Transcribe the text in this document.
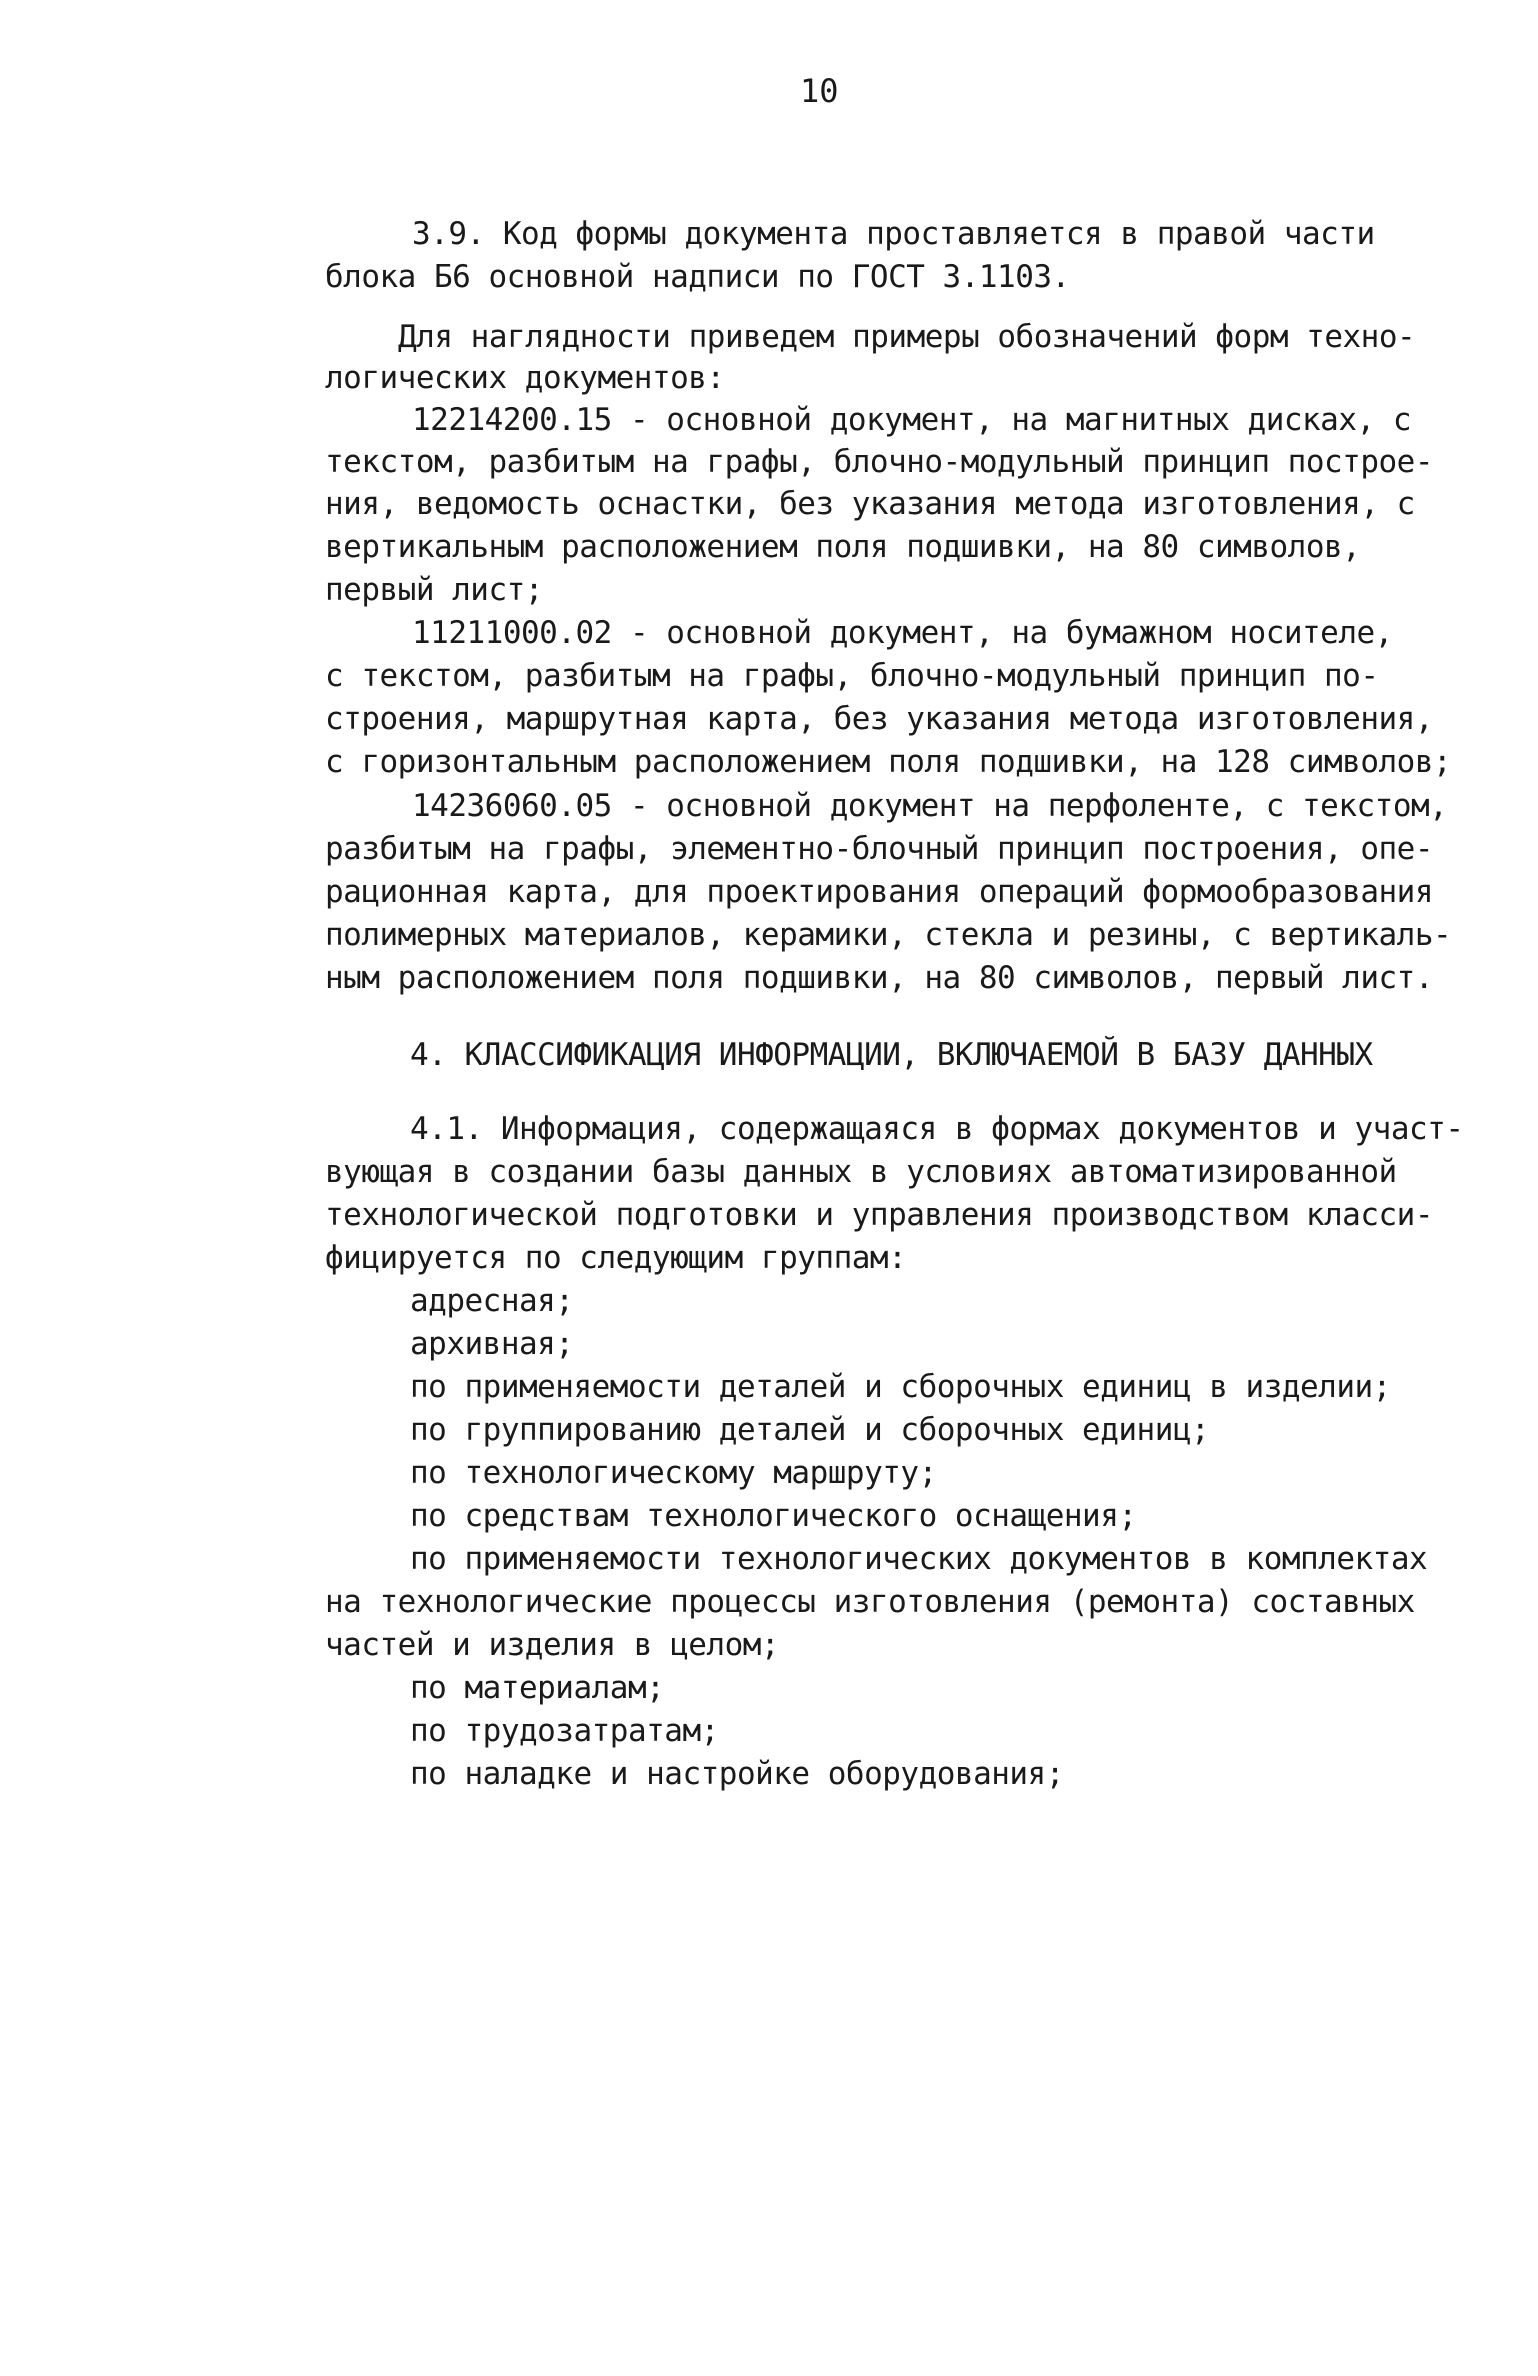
10
3.9. Код формы документа проставляется в правой части
блока Б6 основной надписи по ГОСТ 3.1103.
Для наглядности приведем примеры обозначений форм техно-
логических документов:
12214200.15 - основной документ, на магнитных дисках, с
текстом, разбитым на графы, блочно-модульный принцип построе-
ния, ведомость оснастки, без указания метода изготовления, с
вертикальным расположением поля подшивки, на 80 символов,
первый лист;
11211000.02 - основной документ, на бумажном носителе,
с текстом, разбитым на графы, блочно-модульный принцип по-
строения, маршрутная карта, без указания метода изготовления,
с горизонтальным расположением поля подшивки, на 128 символов;
14236060.05 - основной документ на перфоленте, с текстом,
разбитым на графы, элементно-блочный принцип построения, опе-
рационная карта, для проектирования операций формообразования
полимерных материалов, керамики, стекла и резины, с вертикаль-
ным расположением поля подшивки, на 80 символов, первый лист.
4. КЛАССИФИКАЦИЯ ИНФОРМАЦИИ, ВКЛЮЧАЕМОЙ В БАЗУ ДАННЫХ
4.1. Информация, содержащаяся в формах документов и участ-
вующая в создании базы данных в условиях автоматизированной
технологической подготовки и управления производством класси-
фицируется по следующим группам:
адресная;
архивная;
по применяемости деталей и сборочных единиц в изделии;
по группированию деталей и сборочных единиц;
по технологическому маршруту;
по средствам технологического оснащения;
по применяемости технологических документов в комплектах
на технологические процессы изготовления (ремонта) составных
частей и изделия в целом;
по материалам;
по трудозатратам;
по наладке и настройке оборудования;
